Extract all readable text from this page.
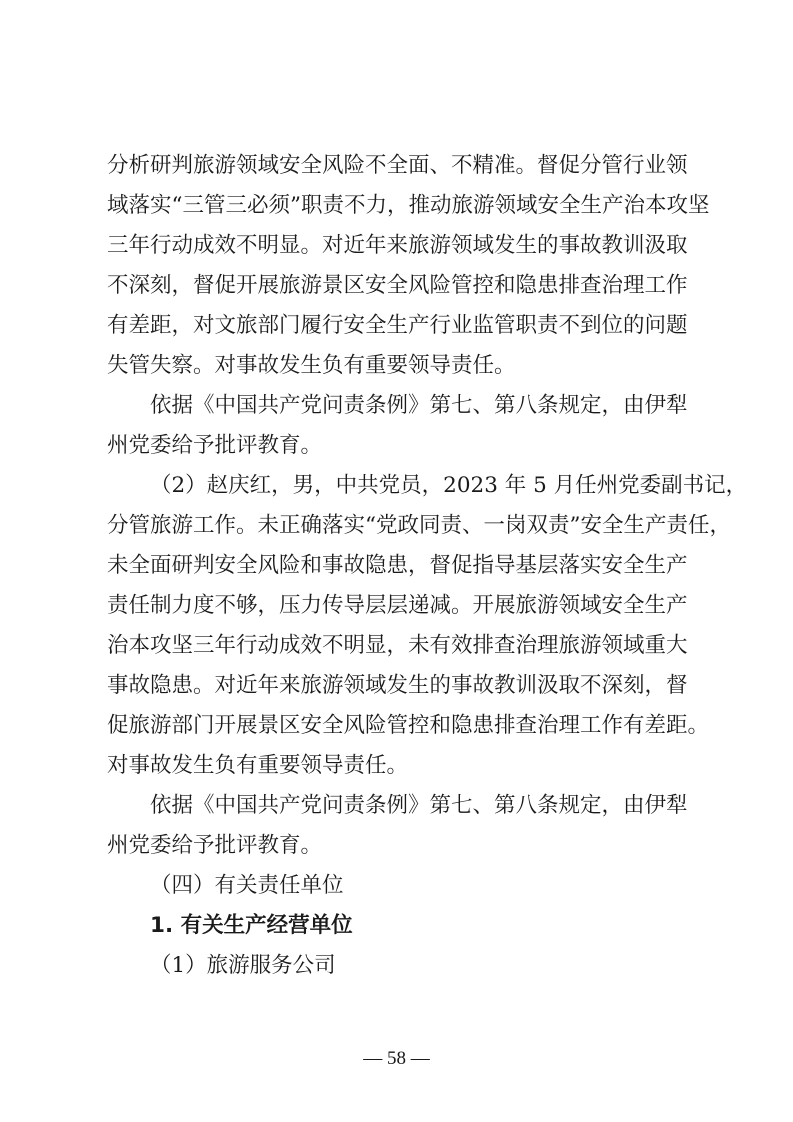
分析研判旅游领域安全风险不全面、不精准。督促分管行业领
域落实“三管三必须”职责不力，推动旅游领域安全生产治本攻坚
三年行动成效不明显。对近年来旅游领域发生的事故教训汲取
不深刻，督促开展旅游景区安全风险管控和隐患排查治理工作
有差距，对文旅部门履行安全生产行业监管职责不到位的问题
失管失察。对事故发生负有重要领导责任。
依据《中国共产党问责条例》第七、第八条规定，由伊犁
州党委给予批评教育。
（2）赵庆红，男，中共党员，2023 年 5 月任州党委副书记，
分管旅游工作。未正确落实“党政同责、一岗双责”安全生产责任，
未全面研判安全风险和事故隐患，督促指导基层落实安全生产
责任制力度不够，压力传导层层递减。开展旅游领域安全生产
治本攻坚三年行动成效不明显，未有效排查治理旅游领域重大
事故隐患。对近年来旅游领域发生的事故教训汲取不深刻，督
促旅游部门开展景区安全风险管控和隐患排查治理工作有差距。
对事故发生负有重要领导责任。
依据《中国共产党问责条例》第七、第八条规定，由伊犁
州党委给予批评教育。
（四）有关责任单位
1. 有关生产经营单位
（1）旅游服务公司
— 58 —
